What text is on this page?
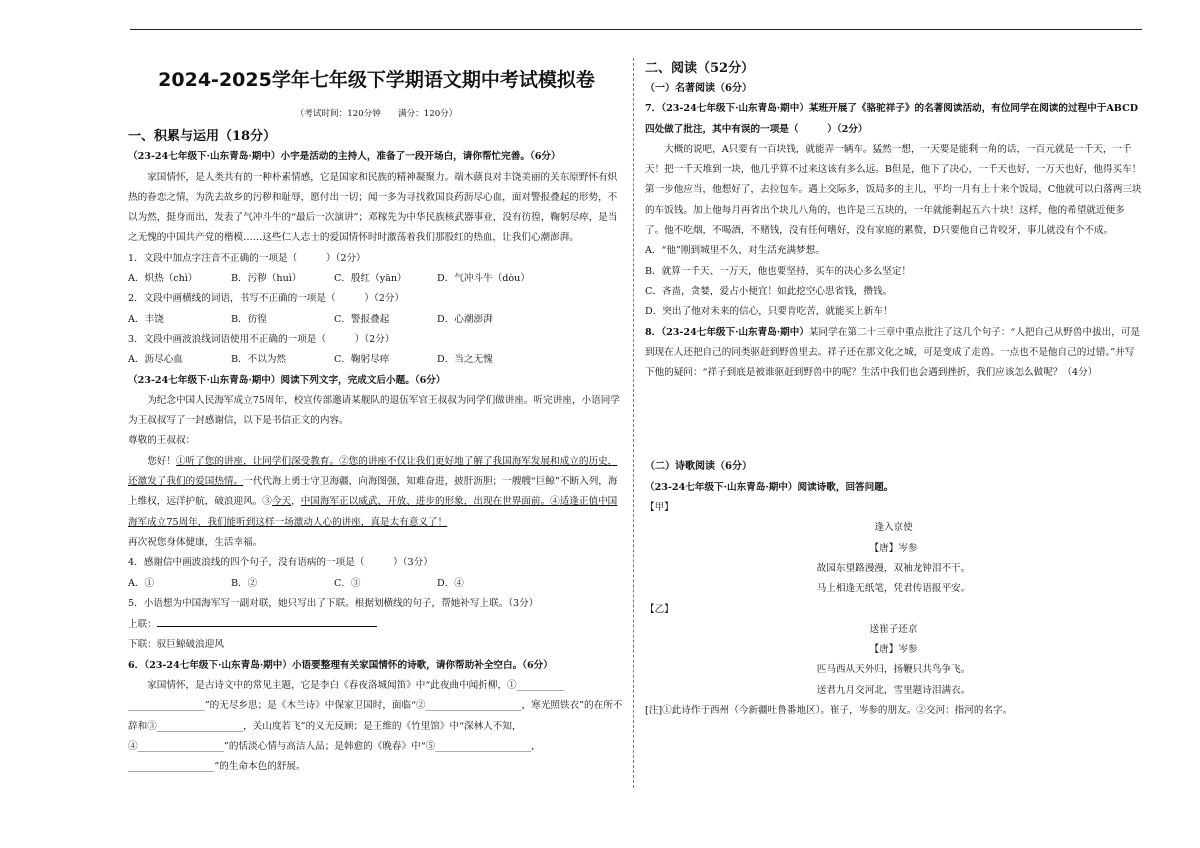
2024-2025学年七年级下学期语文期中考试模拟卷
（考试时间：120分钟　　满分：120分）
一、积累与运用（18分）

（23-24七年级下·山东青岛·期中）小宇是活动的主持人，准备了一段开场白，请你帮忙完善。（6分）

家国情怀，是人类共有的一种朴素情感，它是国家和民族的精神凝聚力。端木蕻良对丰饶美丽的关东原野怀有炽热的眷恋之情，为洗去故乡的污秽和耻辱，愿付出一切；闻一多为寻找救国良药沥尽心血，面对警报叠起的形势，不以为然，挺身而出，发表了气冲斗牛的“最后一次演讲”；邓稼先为中华民族核武器事业，没有彷徨，鞠躬尽瘁，是当之无愧的中国共产党的楷模……这些仁人志士的爱国情怀时时激荡着我们那股红的热血，让我们心潮澎湃。

1．文段中加点字注音不正确的一项是（　　　）（2分）

A．炽热（chì）	B．污秽（huì）	C．殷红（yān）	D．气冲斗牛（dòu）

2．文段中画横线的词语，书写不正确的一项是（　　　）（2分）

A．丰饶	B．彷徨	C．警报叠起	D．心潮澎湃

3．文段中画波浪线词语使用不正确的一项是（　　　）（2分）

A．沥尽心血	B．不以为然	C．鞠躬尽瘁	D．当之无愧

（23-24七年级下·山东青岛·期中）阅读下列文字，完成文后小题。（6分）

为纪念中国人民海军成立75周年，校宣传部邀请某舰队的退伍军官王叔叔为同学们做讲座。听完讲座，小语同学为王叔叔写了一封感谢信，以下是书信正文的内容。

尊敬的王叔叔：

您好！①听了您的讲座，让同学们深受教育。②您的讲座不仅让我们更好地了解了我国海军发展和成立的历史，还激发了我们的爱国热情。一代代海上勇士守卫海疆，向海图强，知难奋进，披肝沥胆；一艘艘“巨鲸”不断入列，海上维权，远洋护航，破浪迎风。③今天，中国海军正以威武、开放、进步的形象，出现在世界面前。④适逢正值中国海军成立75周年，我们能听到这样一场激动人心的讲座，真是太有意义了！

再次祝您身体健康，生活幸福。

4．感谢信中画波浪线的四个句子，没有语病的一项是（　　　）（3分）

A．①	B．②	C．③	D．④

5．小语想为中国海军写一副对联，她只写出了下联。根据划横线的句子，帮她补写上联。（3分）

上联：

下联：驭巨鲸破浪迎风

6．（23-24七年级下·山东青岛·期中）小语要整理有关家国情怀的诗歌，请你帮助补全空白。（6分）

家国情怀，是古诗文中的常见主题，它是李白《春夜洛城闻笛》中“此夜曲中闻折柳，①__________ ________________”的无尽乡思；是《木兰诗》中保家卫国时，面临“②____________________，寒光照铁衣”的在所不辞和③__________________，关山度若飞”的义无反顾；是王维的《竹里馆》中“深林人不知，④__________________”的恬淡心情与高洁人品；是韩愈的《晚春》中“⑤____________________，__________________”的生命本色的舒展。

二、阅读（52分）

（一）名著阅读（6分）

7．（23-24七年级下·山东青岛·期中）某班开展了《骆驼祥子》的名著阅读活动，有位同学在阅读的过程中于ABCD四处做了批注，其中有误的一项是（　　　）（2分）

大概的说吧，A只要有一百块钱，就能弄一辆车。猛然一想，一天要是能剩一角的话，一百元就是一千天，一千天！把一千天堆到一块，他几乎算不过来这该有多么远。B但是，他下了决心，一千天也好，一万天也好，他得买车！第一步他应当，他想好了，去拉包车。遇上交际多，饭局多的主儿，平均一月有上十来个饭局，C他就可以白落两三块的车饭钱。加上他每月再省出个块儿八角的，也许是三五块的，一年就能剩起五六十块！这样，他的希望就近便多了。他不吃烟，不喝酒，不赌钱，没有任何嗜好，没有家庭的累赘，D只要他自己肯咬牙，事儿就没有个不成。

A．“他”刚到城里不久，对生活充满梦想。

B．就算一千天、一万天，他也要坚持，买车的决心多么坚定！

C．吝啬，贪婪，爱占小便宜！如此挖空心思省钱，攒钱。

D．突出了他对未来的信心，只要肯吃苦，就能买上新车！

8．（23-24七年级下·山东青岛·期中）某同学在第二十三章中重点批注了这几个句子：“人把自己从野兽中拔出，可是到现在人还把自己的同类驱赶到野兽里去。祥子还在那文化之城，可是变成了走兽。一点也不是他自己的过错。”并写下他的疑问：“祥子到底是被谁驱赶到野兽中的呢？生活中我们也会遇到挫折，我们应该怎么做呢？（4分）

（二）诗歌阅读（6分）

（23-24七年级下·山东青岛·期中）阅读诗歌，回答问题。

【甲】

逢入京使

【唐】岑参

故园东望路漫漫，双袖龙钟泪不干。

马上相逢无纸笔，凭君传语报平安。

【乙】

送崔子还京

【唐】岑参

匹马西从天外归，扬鞭只共鸟争飞。

送君九月交河北，雪里题诗泪满衣。

[注]①此诗作于西州（今新疆吐鲁番地区）。崔子，岑参的朋友。②交河：指河的名字。
